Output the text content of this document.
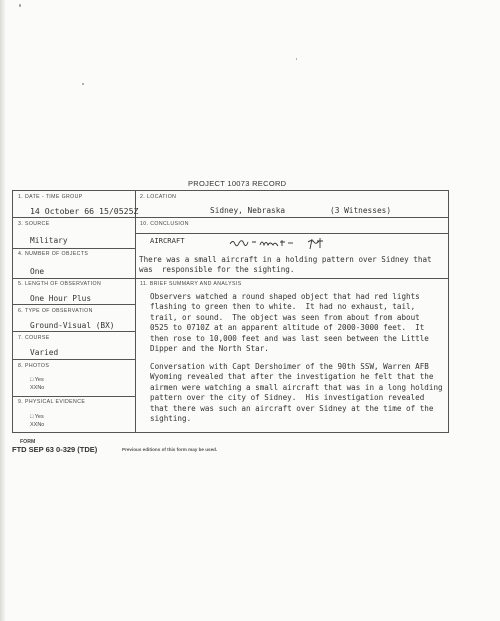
PROJECT 10073 RECORD
1. DATE - TIME GROUP
14 October 66 15/0525Z
2. LOCATION
Sidney, Nebraska	(3 Witnesses)
3. SOURCE
Military
10. CONCLUSION
AIRCRAFT
There was a small aircraft in a holding pattern over Sidney that
was  responsible for the sighting.
4. NUMBER OF OBJECTS
One
5. LENGTH OF OBSERVATION
One Hour Plus
11. BRIEF SUMMARY AND ANALYSIS
Observers watched a round shaped object that had red lights
flashing to green then to white.  It had no exhaust, tail,
trail, or sound.  The object was seen from about from about
0525 to 0710Z at an apparent altitude of 2000-3000 feet.  It
then rose to 10,000 feet and was last seen between the Little
Dipper and the North Star.
Conversation with Capt Dershoimer of the 90th SSW, Warren AFB
Wyoming revealed that after the investigation he felt that the
airmen were watching a small aircraft that was in a long holding
pattern over the city of Sidney.  His investigation revealed
that there was such an aircraft over Sidney at the time of the
sighting.
6. TYPE OF OBSERVATION
Ground-Visual (BX)
7. COURSE
Varied
8. PHOTOS
□ Yes
XXNo
9. PHYSICAL EVIDENCE
□ Yes
XXNo
FORM
FTD SEP 63 0-329 (TDE)	Previous editions of this form may be used.
